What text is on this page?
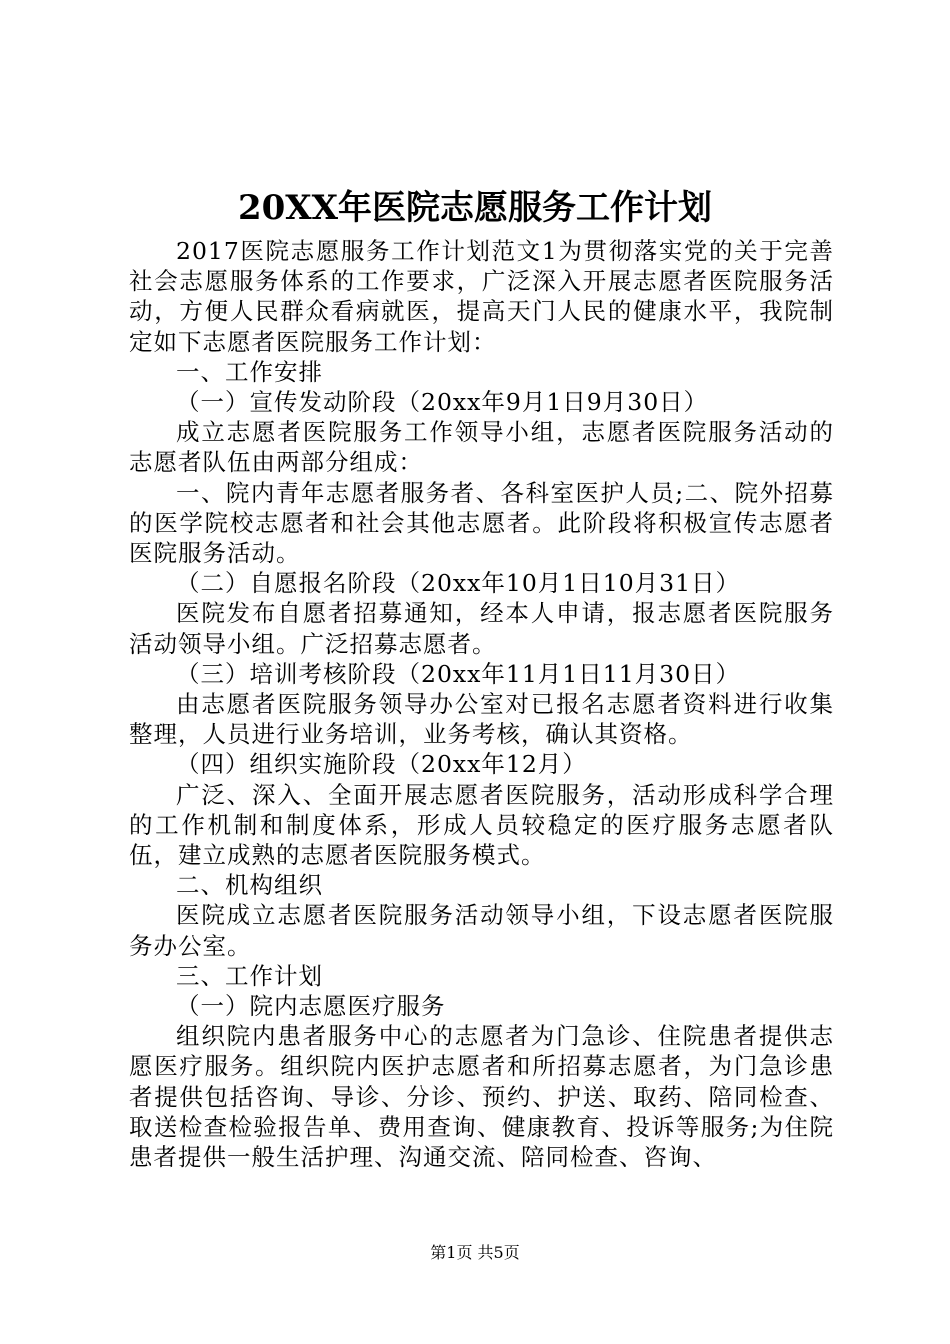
20XX年医院志愿服务工作计划

2017医院志愿服务工作计划范文1为贯彻落实党的关于完善社会志愿服务体系的工作要求，广泛深入开展志愿者医院服务活动，方便人民群众看病就医，提高天门人民的健康水平，我院制定如下志愿者医院服务工作计划：

一、工作安排

（一）宣传发动阶段（20xx年9月1日9月30日）

成立志愿者医院服务工作领导小组，志愿者医院服务活动的志愿者队伍由两部分组成：

一、院内青年志愿者服务者、各科室医护人员;二、院外招募的医学院校志愿者和社会其他志愿者。此阶段将积极宣传志愿者医院服务活动。

（二）自愿报名阶段（20xx年10月1日10月31日）

医院发布自愿者招募通知，经本人申请，报志愿者医院服务活动领导小组。广泛招募志愿者。

（三）培训考核阶段（20xx年11月1日11月30日）

由志愿者医院服务领导办公室对已报名志愿者资料进行收集整理，人员进行业务培训，业务考核，确认其资格。

（四）组织实施阶段（20xx年12月）

广泛、深入、全面开展志愿者医院服务，活动形成科学合理的工作机制和制度体系，形成人员较稳定的医疗服务志愿者队伍，建立成熟的志愿者医院服务模式。

二、机构组织

医院成立志愿者医院服务活动领导小组，下设志愿者医院服务办公室。

三、工作计划

（一）院内志愿医疗服务

组织院内患者服务中心的志愿者为门急诊、住院患者提供志愿医疗服务。组织院内医护志愿者和所招募志愿者，为门急诊患者提供包括咨询、导诊、分诊、预约、护送、取药、陪同检查、取送检查检验报告单、费用查询、健康教育、投诉等服务;为住院患者提供一般生活护理、沟通交流、陪同检查、咨询、

第1页 共5页
